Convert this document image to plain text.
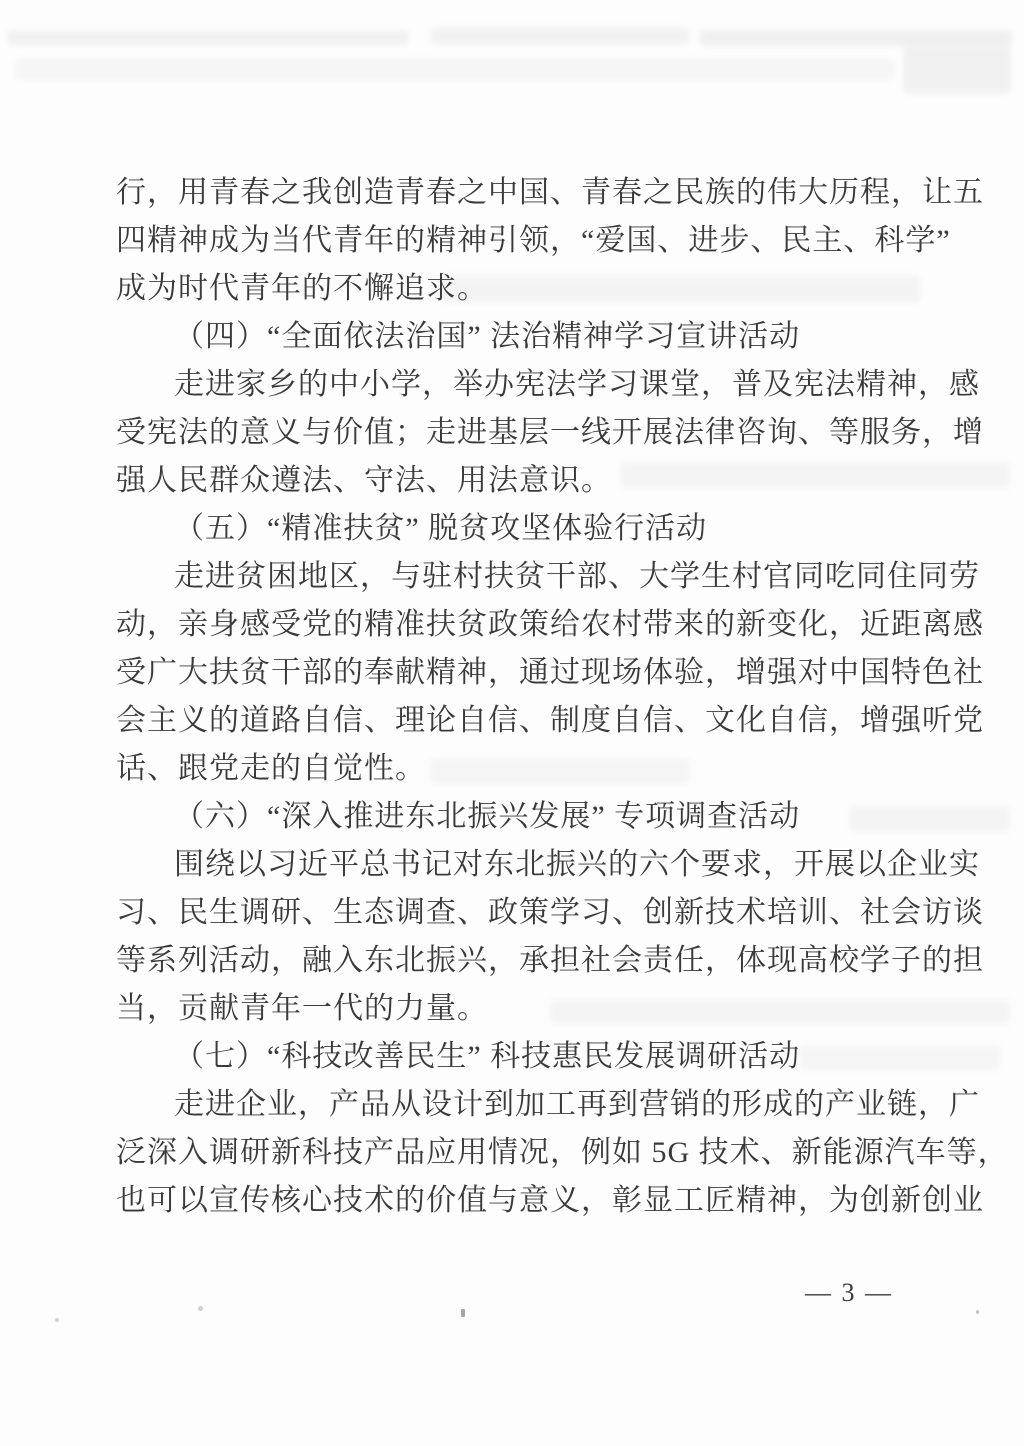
行，用青春之我创造青春之中国、青春之民族的伟大历程，让五
四精神成为当代青年的精神引领，“爱国、进步、民主、科学”
成为时代青年的不懈追求。
（四）“全面依法治国” 法治精神学习宣讲活动
走进家乡的中小学，举办宪法学习课堂，普及宪法精神，感
受宪法的意义与价值；走进基层一线开展法律咨询、等服务，增
强人民群众遵法、守法、用法意识。
（五）“精准扶贫” 脱贫攻坚体验行活动
走进贫困地区，与驻村扶贫干部、大学生村官同吃同住同劳
动，亲身感受党的精准扶贫政策给农村带来的新变化，近距离感
受广大扶贫干部的奉献精神，通过现场体验，增强对中国特色社
会主义的道路自信、理论自信、制度自信、文化自信，增强听党
话、跟党走的自觉性。
（六）“深入推进东北振兴发展” 专项调查活动
围绕以习近平总书记对东北振兴的六个要求，开展以企业实
习、民生调研、生态调查、政策学习、创新技术培训、社会访谈
等系列活动，融入东北振兴，承担社会责任，体现高校学子的担
当，贡献青年一代的力量。
（七）“科技改善民生” 科技惠民发展调研活动
走进企业，产品从设计到加工再到营销的形成的产业链，广
泛深入调研新科技产品应用情况，例如 5G 技术、新能源汽车等，
也可以宣传核心技术的价值与意义，彰显工匠精神，为创新创业
— 3 —
